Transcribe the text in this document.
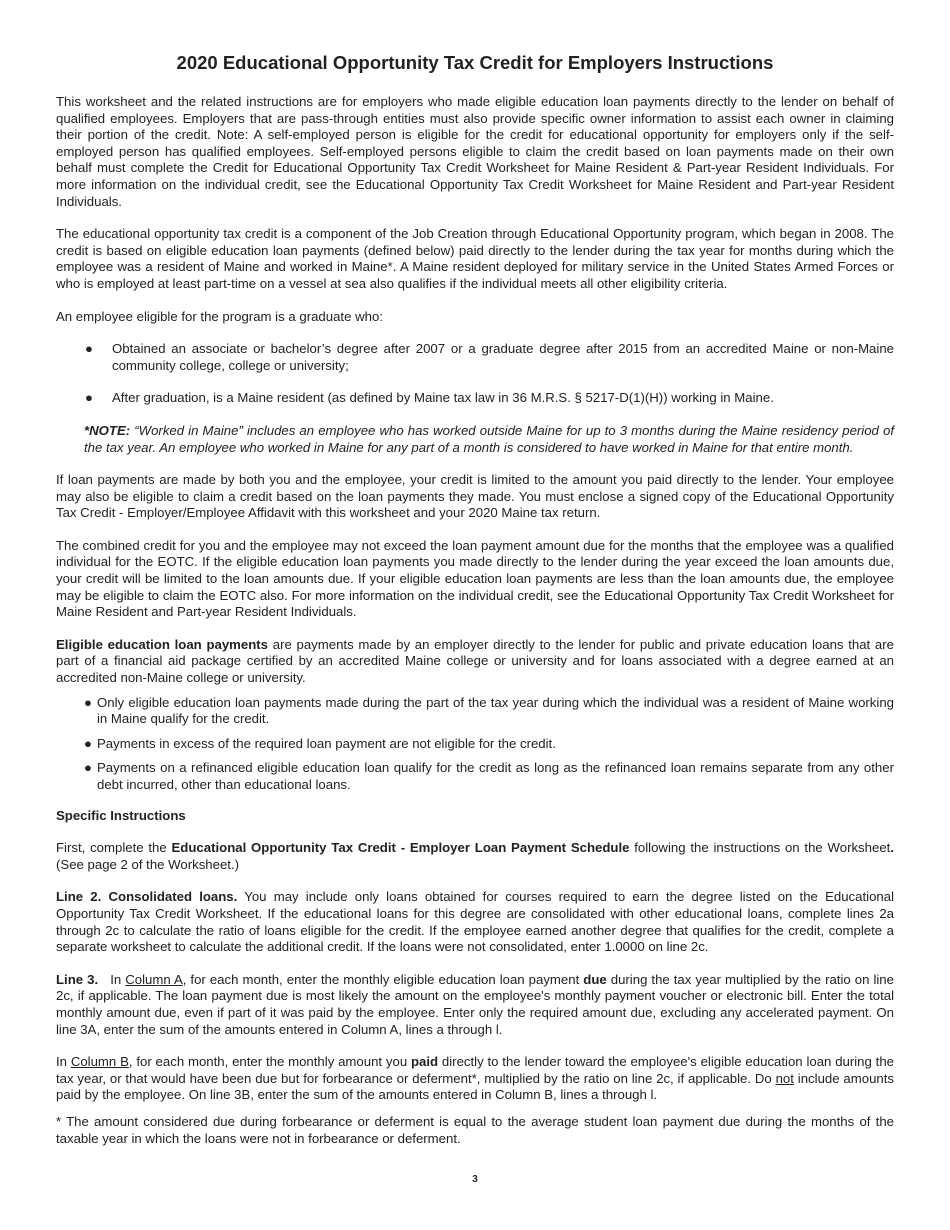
2020 Educational Opportunity Tax Credit for Employers Instructions

This worksheet and the related instructions are for employers who made eligible education loan payments directly to the lender on behalf of qualified employees. Employers that are pass-through entities must also provide specific owner information to assist each owner in claiming their portion of the credit. Note: A self-employed person is eligible for the credit for educational opportunity for employers only if the self-employed person has qualified employees. Self-employed persons eligible to claim the credit based on loan payments made on their own behalf must complete the Credit for Educational Opportunity Tax Credit Worksheet for Maine Resident & Part-year Resident Individuals. For more information on the individual credit, see the Educational Opportunity Tax Credit Worksheet for Maine Resident and Part-year Resident Individuals.

The educational opportunity tax credit is a component of the Job Creation through Educational Opportunity program, which began in 2008. The credit is based on eligible education loan payments (defined below) paid directly to the lender during the tax year for months during which the employee was a resident of Maine and worked in Maine*. A Maine resident deployed for military service in the United States Armed Forces or who is employed at least part-time on a vessel at sea also qualifies if the individual meets all other eligibility criteria.

An employee eligible for the program is a graduate who:

● Obtained an associate or bachelor’s degree after 2007 or a graduate degree after 2015 from an accredited Maine or non-Maine community college, college or university;
● After graduation, is a Maine resident (as defined by Maine tax law in 36 M.R.S. § 5217-D(1)(H)) working in Maine.
*NOTE: “Worked in Maine” includes an employee who has worked outside Maine for up to 3 months during the Maine residency period of the tax year. An employee who worked in Maine for any part of a month is considered to have worked in Maine for that entire month.

If loan payments are made by both you and the employee, your credit is limited to the amount you paid directly to the lender. Your employee may also be eligible to claim a credit based on the loan payments they made. You must enclose a signed copy of the Educational Opportunity Tax Credit - Employer/Employee Affidavit with this worksheet and your 2020 Maine tax return.

The combined credit for you and the employee may not exceed the loan payment amount due for the months that the employee was a qualified individual for the EOTC. If the eligible education loan payments you made directly to the lender during the year exceed the loan amounts due, your credit will be limited to the loan amounts due. If your eligible education loan payments are less than the loan amounts due, the employee may be eligible to claim the EOTC also. For more information on the individual credit, see the Educational Opportunity Tax Credit Worksheet for Maine Resident and Part-year Resident Individuals.

Eligible education loan payments are payments made by an employer directly to the lender for public and private education loans that are part of a financial aid package certified by an accredited Maine college or university and for loans associated with a degree earned at an accredited non-Maine college or university.

● Only eligible education loan payments made during the part of the tax year during which the individual was a resident of Maine working in Maine qualify for the credit.
● Payments in excess of the required loan payment are not eligible for the credit.
● Payments on a refinanced eligible education loan qualify for the credit as long as the refinanced loan remains separate from any other debt incurred, other than educational loans.

Specific Instructions

First, complete the Educational Opportunity Tax Credit - Employer Loan Payment Schedule following the instructions on the Worksheet. (See page 2 of the Worksheet.)

Line 2. Consolidated loans. You may include only loans obtained for courses required to earn the degree listed on the Educational Opportunity Tax Credit Worksheet. If the educational loans for this degree are consolidated with other educational loans, complete lines 2a through 2c to calculate the ratio of loans eligible for the credit. If the employee earned another degree that qualifies for the credit, complete a separate worksheet to calculate the additional credit. If the loans were not consolidated, enter 1.0000 on line 2c.

Line 3.   In Column A, for each month, enter the monthly eligible education loan payment due during the tax year multiplied by the ratio on line 2c, if applicable. The loan payment due is most likely the amount on the employee's monthly payment voucher or electronic bill. Enter the total monthly amount due, even if part of it was paid by the employee. Enter only the required amount due, excluding any accelerated payment. On line 3A, enter the sum of the amounts entered in Column A, lines a through l.

In Column B, for each month, enter the monthly amount you paid directly to the lender toward the employee's eligible education loan during the tax year, or that would have been due but for forbearance or deferment*, multiplied by the ratio on line 2c, if applicable. Do not include amounts paid by the employee. On line 3B, enter the sum of the amounts entered in Column B, lines a through l.

* The amount considered due during forbearance or deferment is equal to the average student loan payment due during the months of the taxable year in which the loans were not in forbearance or deferment.

3
